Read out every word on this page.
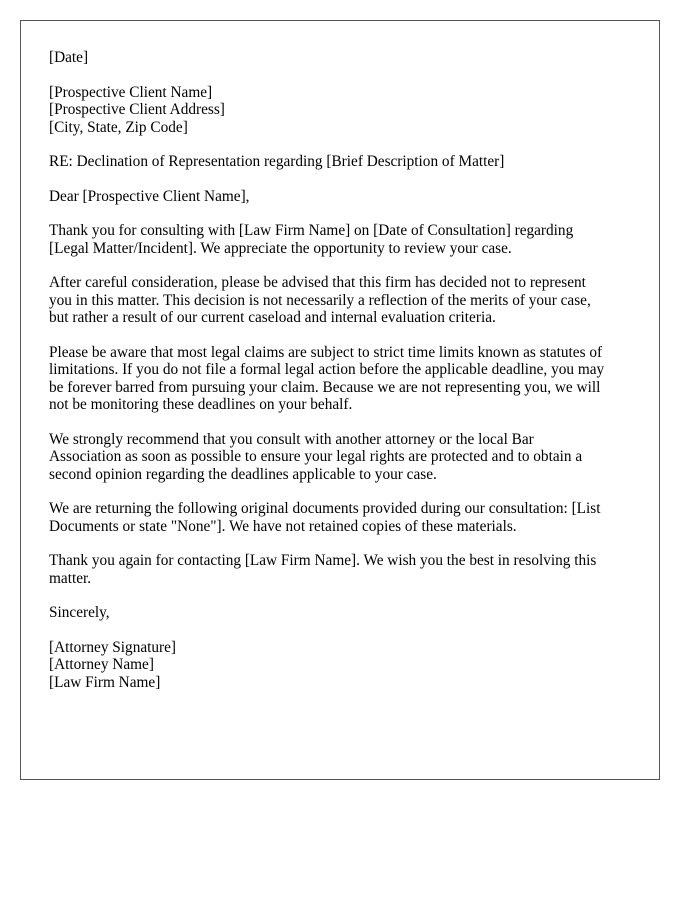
[Date]

[Prospective Client Name]
[Prospective Client Address]
[City, State, Zip Code]

RE: Declination of Representation regarding [Brief Description of Matter]

Dear [Prospective Client Name],

Thank you for consulting with [Law Firm Name] on [Date of Consultation] regarding
[Legal Matter/Incident]. We appreciate the opportunity to review your case.

After careful consideration, please be advised that this firm has decided not to represent
you in this matter. This decision is not necessarily a reflection of the merits of your case,
but rather a result of our current caseload and internal evaluation criteria.

Please be aware that most legal claims are subject to strict time limits known as statutes of
limitations. If you do not file a formal legal action before the applicable deadline, you may
be forever barred from pursuing your claim. Because we are not representing you, we will
not be monitoring these deadlines on your behalf.

We strongly recommend that you consult with another attorney or the local Bar
Association as soon as possible to ensure your legal rights are protected and to obtain a
second opinion regarding the deadlines applicable to your case.

We are returning the following original documents provided during our consultation: [List
Documents or state "None"]. We have not retained copies of these materials.

Thank you again for contacting [Law Firm Name]. We wish you the best in resolving this
matter.

Sincerely,

[Attorney Signature]
[Attorney Name]
[Law Firm Name]
